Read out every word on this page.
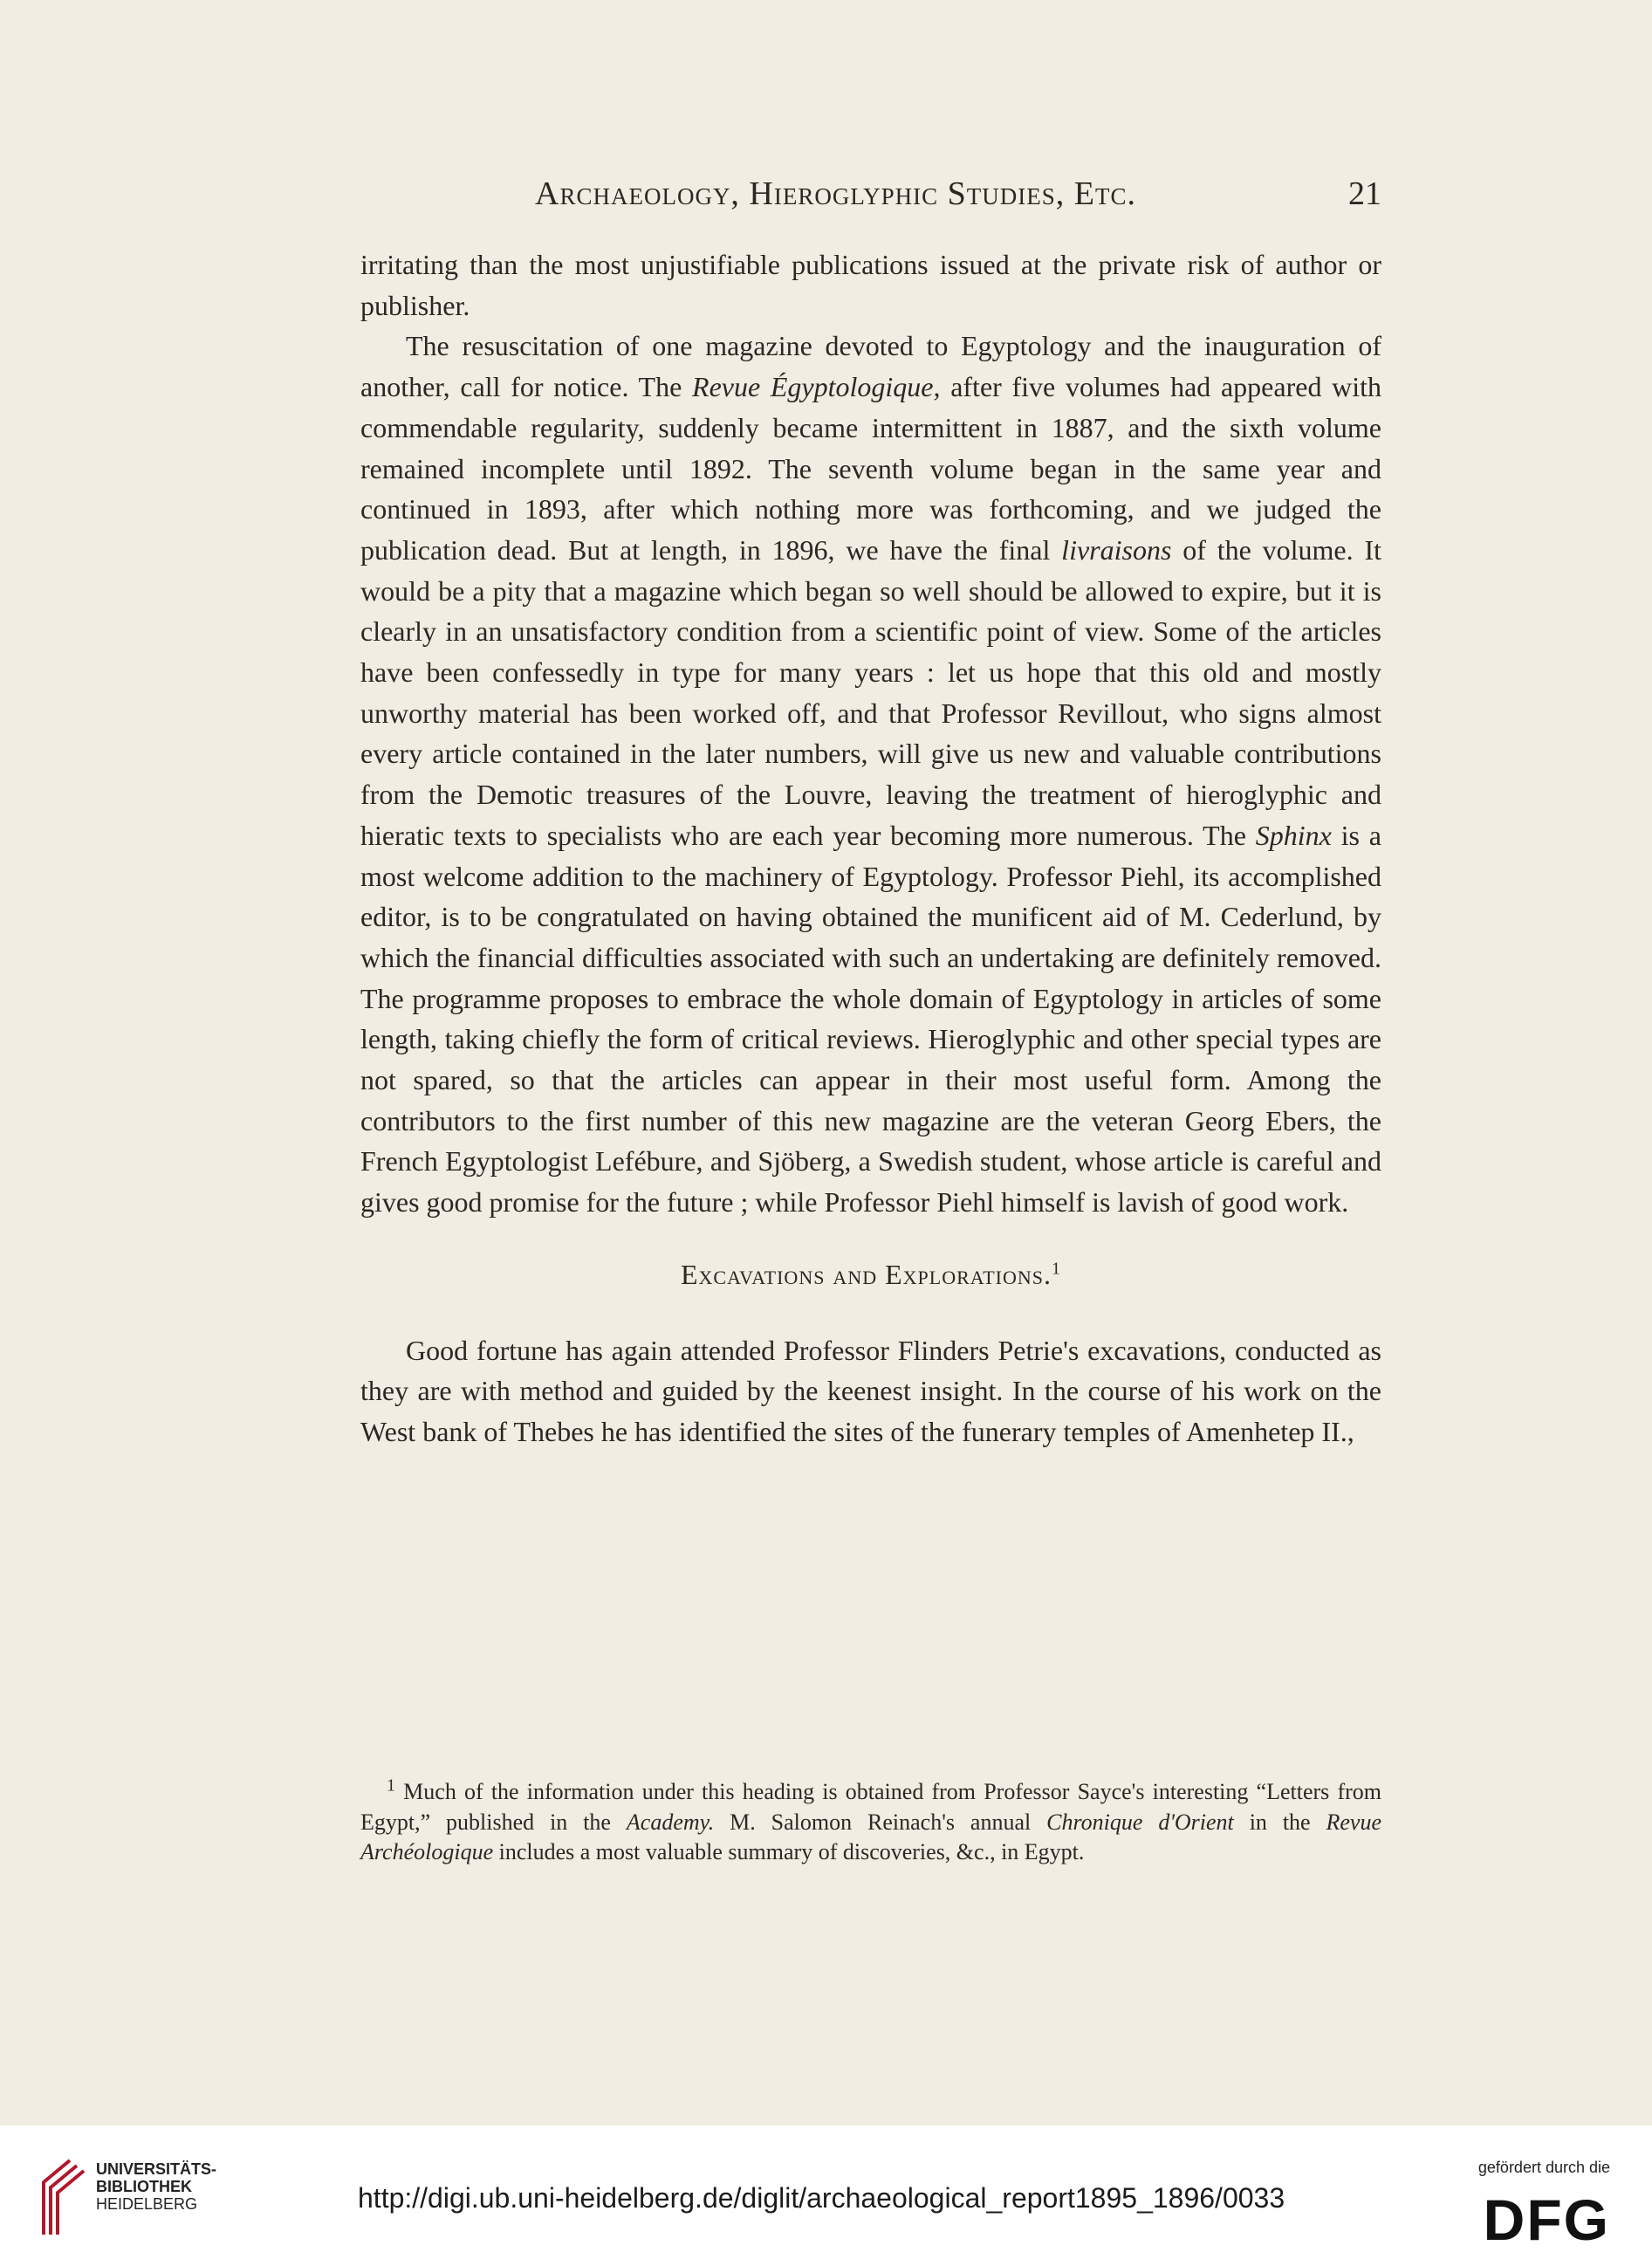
Archaeology, Hieroglyphic Studies, Etc.	21

irritating than the most unjustifiable publications issued at the private risk of author or publisher.

The resuscitation of one magazine devoted to Egyptology and the inauguration of another, call for notice. The Revue Égyptologique, after five volumes had appeared with commendable regularity, suddenly became intermittent in 1887, and the sixth volume remained incomplete until 1892. The seventh volume began in the same year and continued in 1893, after which nothing more was forthcoming, and we judged the publication dead. But at length, in 1896, we have the final livraisons of the volume. It would be a pity that a magazine which began so well should be allowed to expire, but it is clearly in an unsatisfactory condition from a scientific point of view. Some of the articles have been confessedly in type for many years : let us hope that this old and mostly unworthy material has been worked off, and that Professor Revillout, who signs almost every article contained in the later numbers, will give us new and valuable contributions from the Demotic treasures of the Louvre, leaving the treatment of hieroglyphic and hieratic texts to specialists who are each year becoming more numerous. The Sphinx is a most welcome addition to the machinery of Egyptology. Professor Piehl, its accomplished editor, is to be congratulated on having obtained the munificent aid of M. Cederlund, by which the financial difficulties associated with such an undertaking are definitely removed. The programme proposes to embrace the whole domain of Egyptology in articles of some length, taking chiefly the form of critical reviews. Hieroglyphic and other special types are not spared, so that the articles can appear in their most useful form. Among the contributors to the first number of this new magazine are the veteran Georg Ebers, the French Egyptologist Lefébure, and Sjöberg, a Swedish student, whose article is careful and gives good promise for the future ; while Professor Piehl himself is lavish of good work.

Excavations and Explorations.$^1$

Good fortune has again attended Professor Flinders Petrie's excavations, conducted as they are with method and guided by the keenest insight. In the course of his work on the West bank of Thebes he has identified the sites of the funerary temples of Amenhetep II.,

$^1$ Much of the information under this heading is obtained from Professor Sayce's interesting “Letters from Egypt,” published in the Academy. M. Salomon Reinach's annual Chronique d'Orient in the Revue Archéologique includes a most valuable summary of discoveries, &c., in Egypt.

UNIVERSITÄTS-
BIBLIOTHEK
HEIDELBERG	http://digi.ub.uni-heidelberg.de/diglit/archaeological_report1895_1896/0033
gefördert durch die
DFG
